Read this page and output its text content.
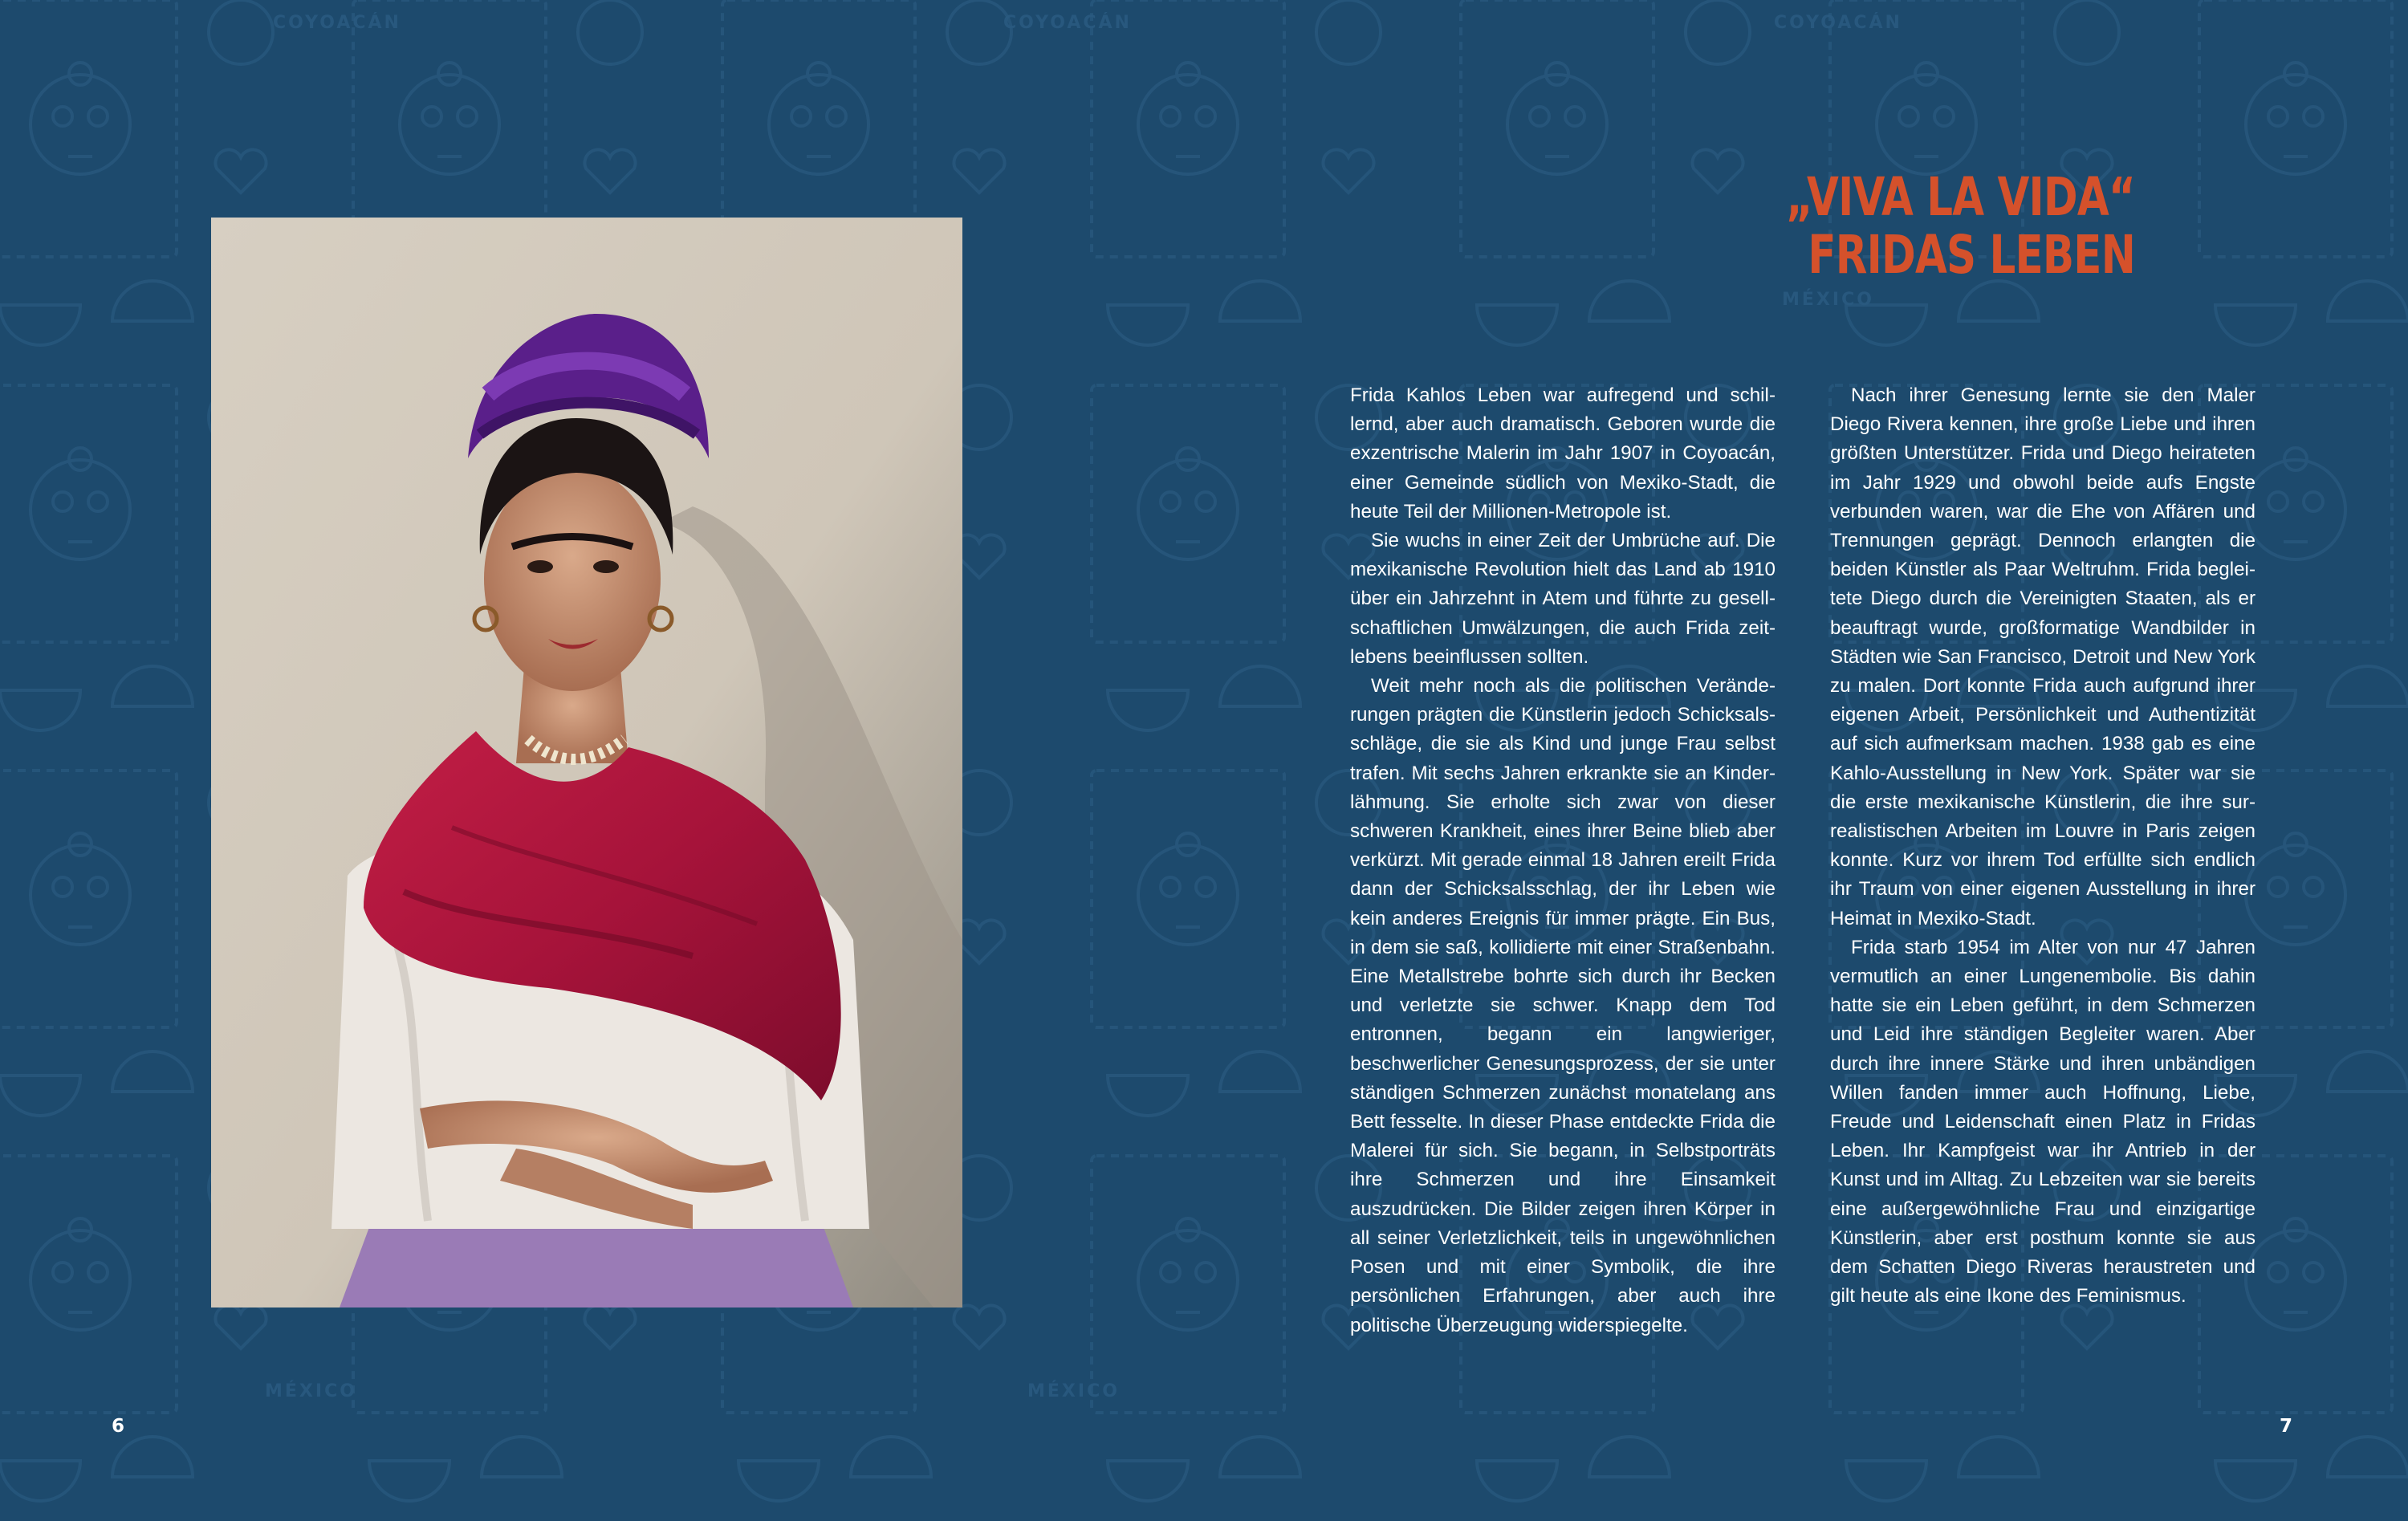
COYOACÁN	COYOACÁN	COYOACÁN
MÉXICO
MÉXICO	MÉXICO
6
„VIVA LA VIDA“
FRIDAS LEBEN

Frida Kahlos Leben war aufregend und schillernd, aber auch dramatisch. Geboren wurde die exzentrische Malerin im Jahr 1907 in Coyoacán, einer Gemeinde südlich von Mexiko-Stadt, die heute Teil der Millionen-Metropole ist.

Sie wuchs in einer Zeit der Umbrüche auf. Die mexikanische Revolution hielt das Land ab 1910 über ein Jahrzehnt in Atem und führte zu gesellschaftlichen Umwälzungen, die auch Frida zeitlebens beeinflussen sollten.

Weit mehr noch als die politischen Veränderungen prägten die Künstlerin jedoch Schicksalsschläge, die sie als Kind und junge Frau selbst trafen. Mit sechs Jahren erkrankte sie an Kinderlähmung. Sie erholte sich zwar von dieser schweren Krankheit, eines ihrer Beine blieb aber verkürzt. Mit gerade einmal 18 Jahren ereilt Frida dann der Schicksalsschlag, der ihr Leben wie kein anderes Ereignis für immer prägte. Ein Bus, in dem sie saß, kollidierte mit einer Straßenbahn. Eine Metallstrebe bohrte sich durch ihr Becken und verletzte sie schwer. Knapp dem Tod entronnen, begann ein langwieriger, beschwerlicher Genesungsprozess, der sie unter ständigen Schmerzen zunächst monatelang ans Bett fesselte. In dieser Phase entdeckte Frida die Malerei für sich. Sie begann, in Selbstporträts ihre Schmerzen und ihre Einsamkeit auszudrücken. Die Bilder zeigen ihren Körper in all seiner Verletzlichkeit, teils in ungewöhnlichen Posen und mit einer Symbolik, die ihre persönlichen Erfahrungen, aber auch ihre politische Überzeugung widerspiegelte.

Nach ihrer Genesung lernte sie den Maler Diego Rivera kennen, ihre große Liebe und ihren größten Unterstützer. Frida und Diego heirateten im Jahr 1929 und obwohl beide aufs Engste verbunden waren, war die Ehe von Affären und Trennungen geprägt. Dennoch erlangten die beiden Künstler als Paar Weltruhm. Frida begleitete Diego durch die Vereinigten Staaten, als er beauftragt wurde, großformatige Wandbilder in Städten wie San Francisco, Detroit und New York zu malen. Dort konnte Frida auch aufgrund ihrer eigenen Arbeit, Persönlichkeit und Authentizität auf sich aufmerksam machen. 1938 gab es eine Kahlo-Ausstellung in New York. Später war sie die erste mexikanische Künstlerin, die ihre surrealistischen Arbeiten im Louvre in Paris zeigen konnte. Kurz vor ihrem Tod erfüllte sich endlich ihr Traum von einer eigenen Ausstellung in ihrer Heimat in Mexiko-Stadt.

Frida starb 1954 im Alter von nur 47 Jahren vermutlich an einer Lungenembolie. Bis dahin hatte sie ein Leben geführt, in dem Schmerzen und Leid ihre ständigen Begleiter waren. Aber durch ihre innere Stärke und ihren unbändigen Willen fanden immer auch Hoffnung, Liebe, Freude und Leidenschaft einen Platz in Fridas Leben. Ihr Kampfgeist war ihr Antrieb in der Kunst und im Alltag. Zu Lebzeiten war sie bereits eine außergewöhnliche Frau und einzigartige Künstlerin, aber erst posthum konnte sie aus dem Schatten Diego Riveras heraustreten und gilt heute als eine Ikone des Feminismus.

7
